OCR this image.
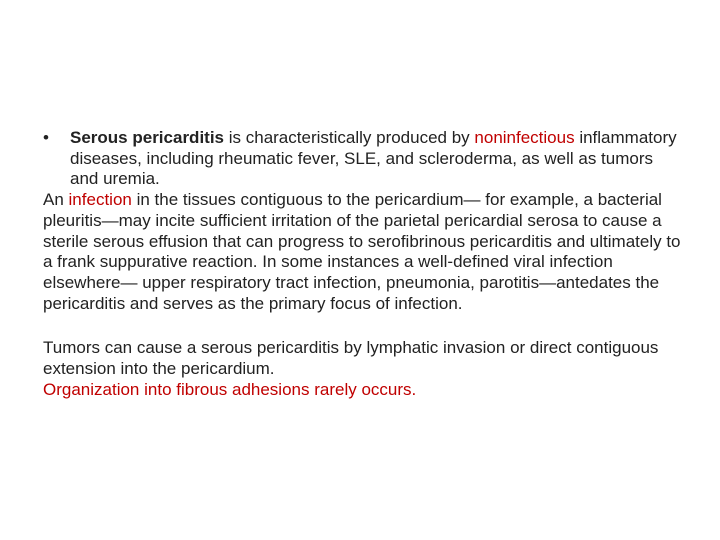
• Serous pericarditis is characteristically produced by noninfectious inflammatory diseases, including rheumatic fever, SLE, and scleroderma, as well as tumors and uremia.

An infection in the tissues contiguous to the pericardium— for example, a bacterial pleuritis—may incite sufficient irritation of the parietal pericardial serosa to cause a sterile serous effusion that can progress to serofibrinous pericarditis and ultimately to a frank suppurative reaction. In some instances a well-defined viral infection elsewhere— upper respiratory tract infection, pneumonia, parotitis—antedates the pericarditis and serves as the primary focus of infection.

Tumors can cause a serous pericarditis by lymphatic invasion or direct contiguous extension into the pericardium.

Organization into fibrous adhesions rarely occurs.
